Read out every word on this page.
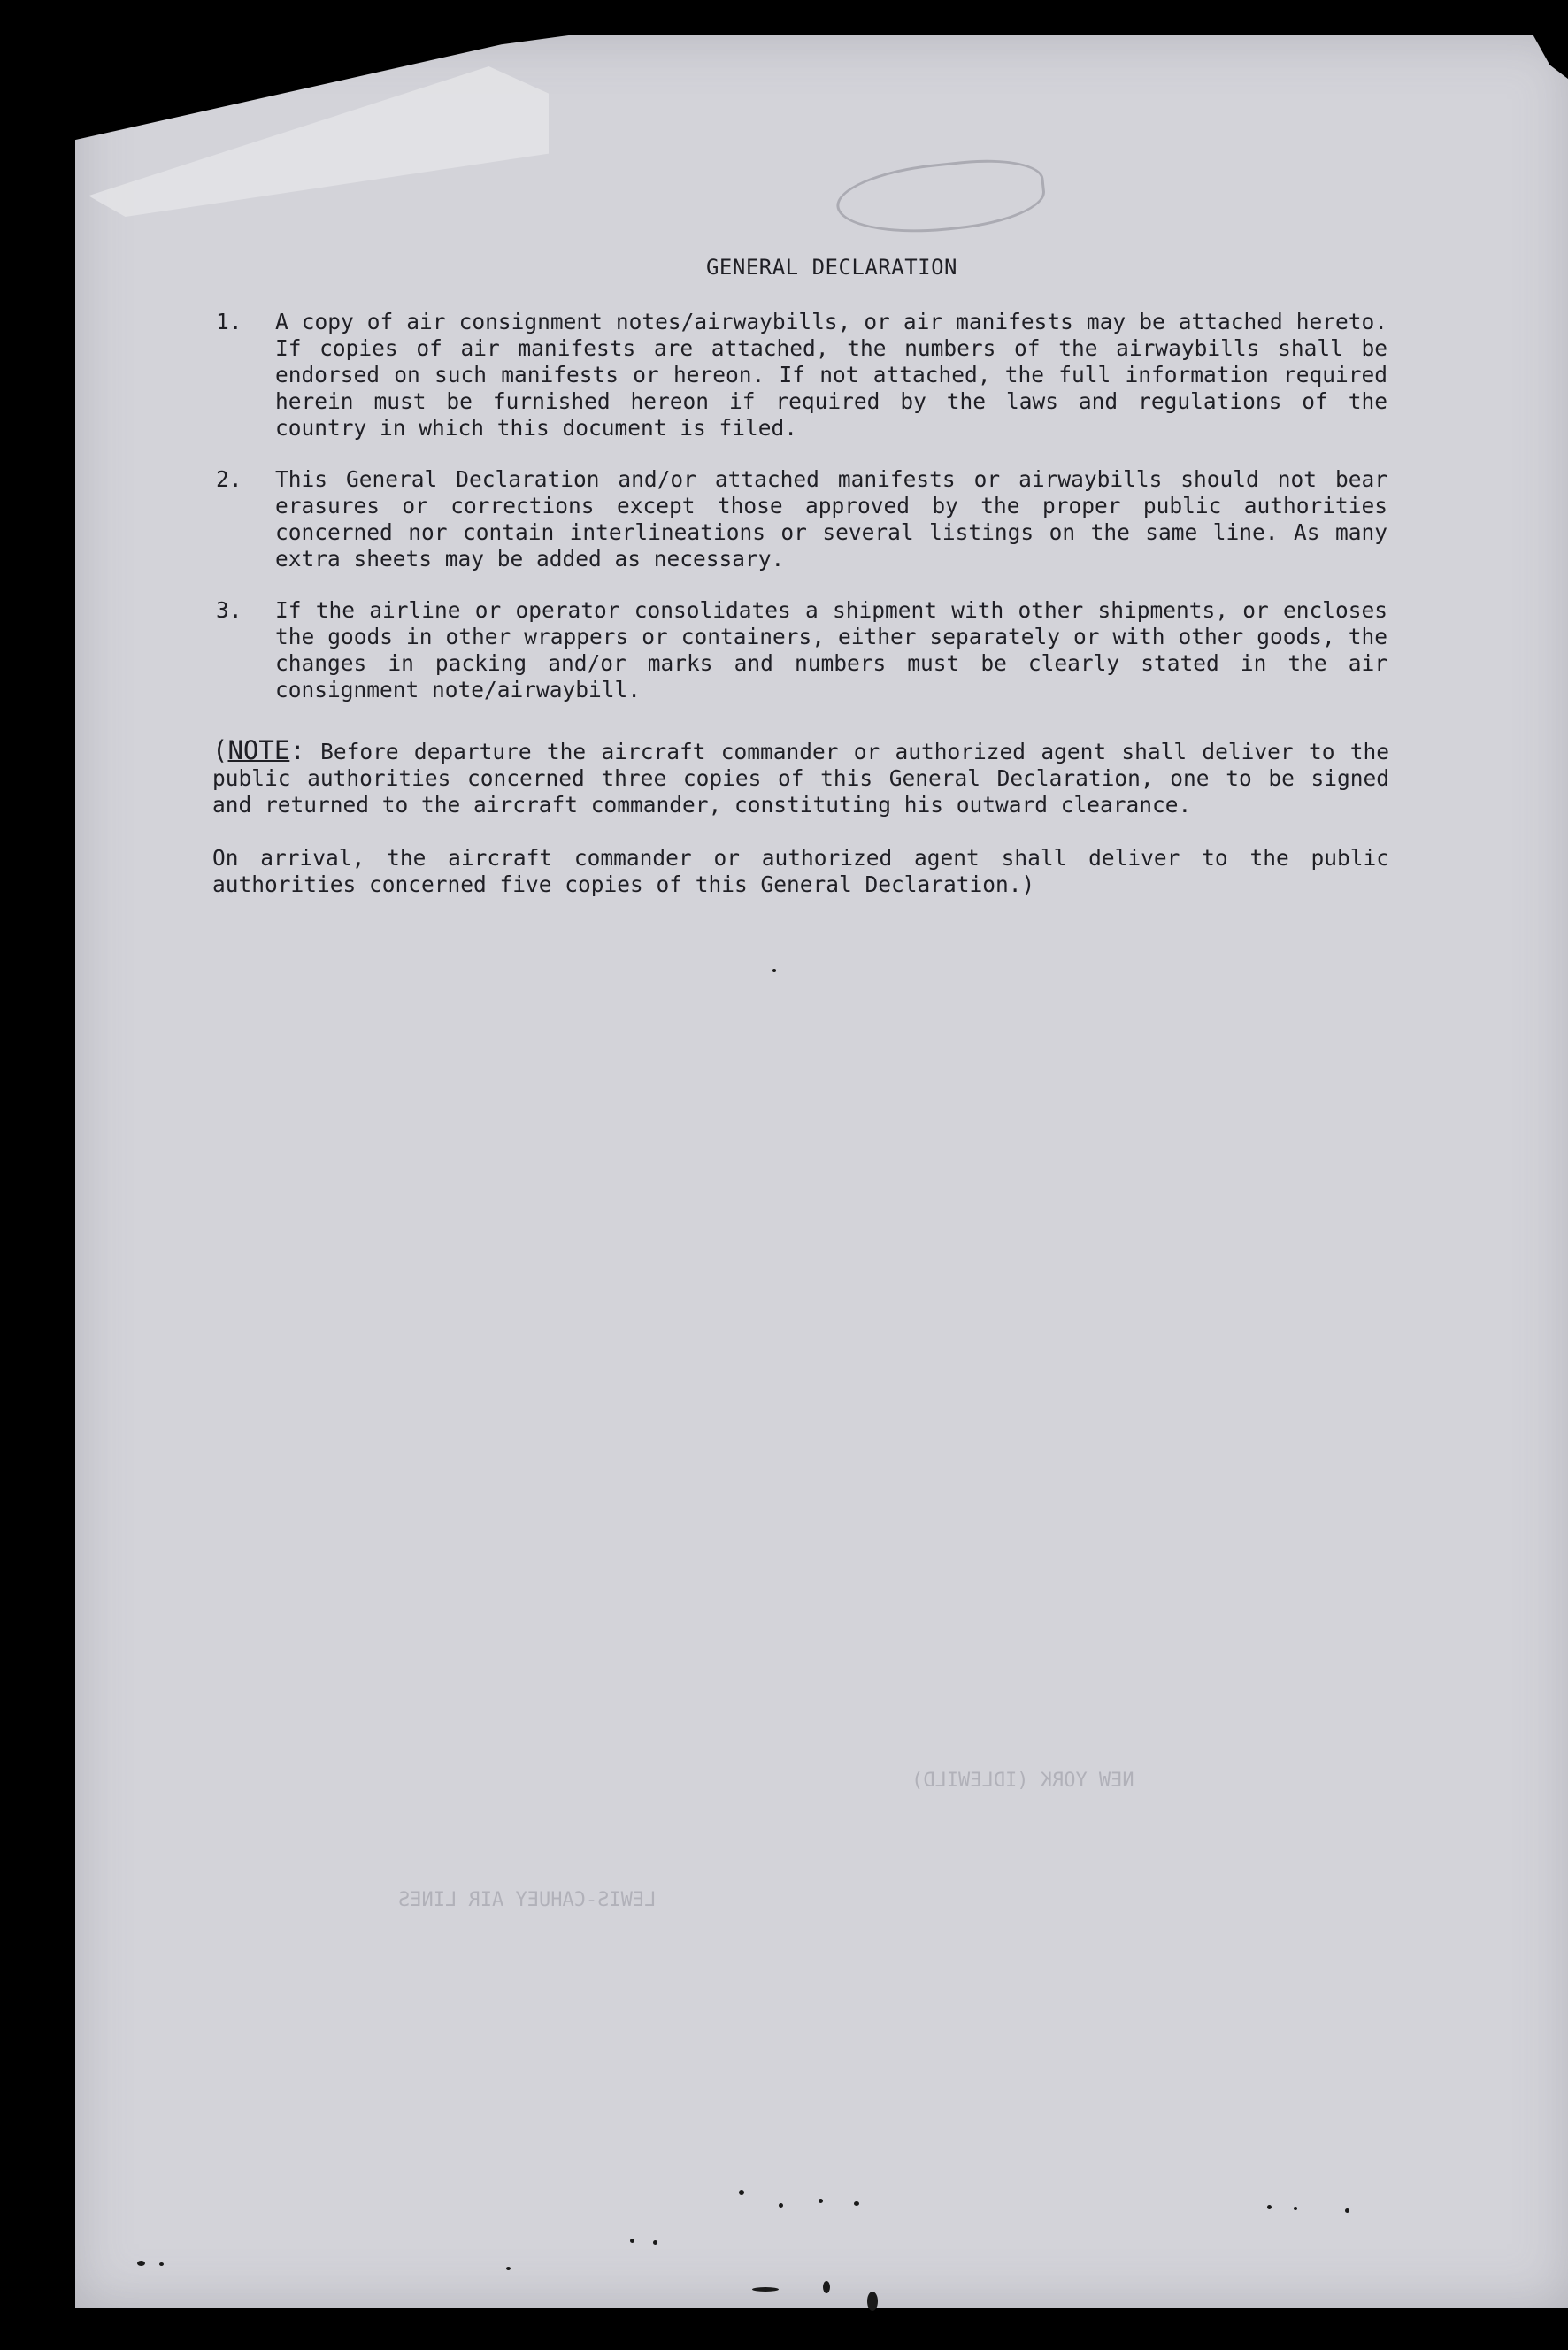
NEW YORK (IDLEWILD)
LEWIS-CAHUEY AIR LINES
GENERAL DECLARATION
1.	A copy of air consignment notes/airwaybills, or air manifests may be attached hereto. If copies of air manifests are attached, the numbers of the airwaybills shall be endorsed on such manifests or hereon. If not attached, the full information required herein must be furnished hereon if required by the laws and regulations of the country in which this document is filed.
2.	This General Declaration and/or attached manifests or airwaybills should not bear erasures or corrections except those approved by the proper public authorities concerned nor contain interlineations or several listings on the same line. As many extra sheets may be added as necessary.
3.	If the airline or operator consolidates a shipment with other shipments, or encloses the goods in other wrappers or containers, either separately or with other goods, the changes in packing and/or marks and numbers must be clearly stated in the air consignment note/airwaybill.
(NOTE: Before departure the aircraft commander or authorized agent shall deliver to the public authorities concerned three copies of this General Declaration, one to be signed and returned to the aircraft commander, constituting his outward clearance.
On arrival, the aircraft commander or authorized agent shall deliver to the public authorities concerned five copies of this General Declaration.)
